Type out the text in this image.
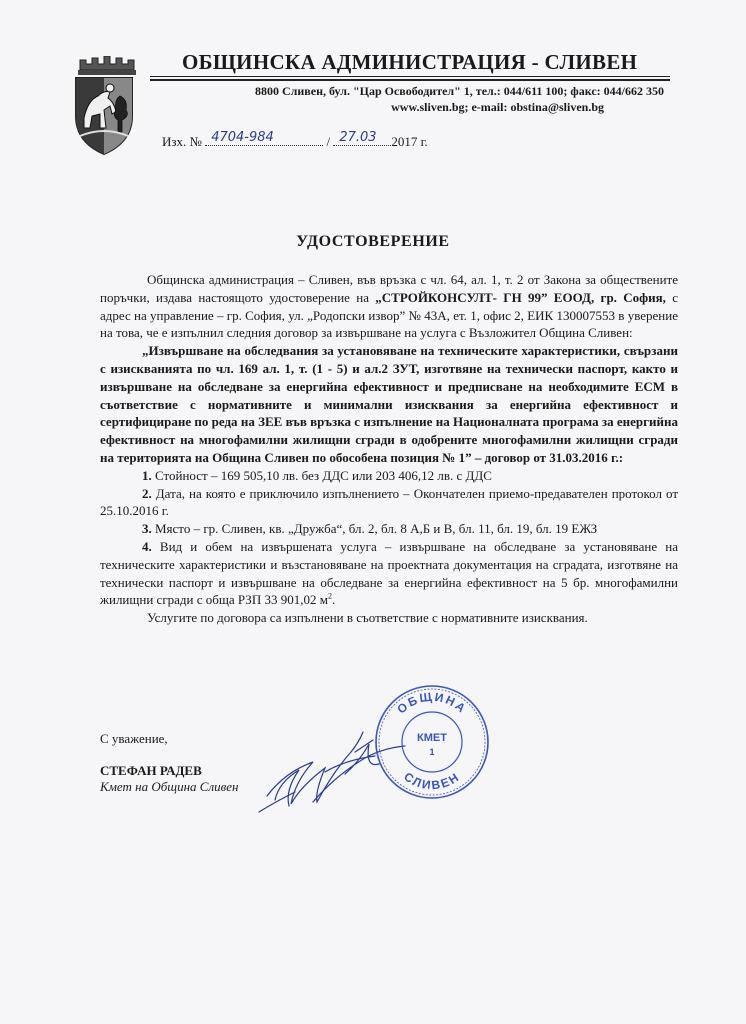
ОБЩИНСКА АДМИНИСТРАЦИЯ - СЛИВЕН
8800 Сливен, бул. "Цар Освободител" 1, тел.: 044/611 100; факс: 044/662 350
www.sliven.bg; e-mail: obstina@sliven.bg
Изх. №
4704-984
	/
27.03 2017 г.
УДОСТОВЕРЕНИЕ

Общинска администрация – Сливен, във връзка с чл. 64, ал. 1, т. 2 от Закона за обществените поръчки, издава настоящото удостоверение на „СТРОЙКОНСУЛТ- ГН 99” ЕООД, гр. София, с адрес на управление – гр. София, ул. „Родопски извор” № 43А, ет. 1, офис 2, ЕИК 130007553 в уверение на това, че е изпълнил следния договор за извършване на услуга с Възложител Община Сливен:

„Извършване на обследвания за установяване на техническите характеристики, свързани с изискванията по чл. 169 ал. 1, т. (1 - 5) и ал.2 ЗУТ, изготвяне на технически паспорт, както и извършване на обследване за енергийна ефективност и предписване на необходимите ЕСМ в съответствие с нормативните и минимални изисквания за енергийна ефективност и сертифициране по реда на ЗЕЕ във връзка с изпълнение на Националната програма за енергийна ефективност на многофамилни жилищни сгради в одобрените многофамилни жилищни сгради на територията на Община Сливен по обособена позиция № 1” – договор от 31.03.2016 г.:

1. Стойност – 169 505,10 лв. без ДДС или 203 406,12 лв. с ДДС

2. Дата, на която е приключило изпълнението – Окончателен приемо-предавателен протокол от 25.10.2016 г.

3. Място – гр. Сливен, кв. „Дружба“, бл. 2, бл. 8 А,Б и В, бл. 11, бл. 19, бл. 19 ЕЖЗ

4. Вид и обем на извършената услуга – извършване на обследване за установяване на техническите характеристики и възстановяване на проектната документация на сградата, изготвяне на технически паспорт и извършване на обследване за енергийна ефективност на 5 бр. многофамилни жилищни сгради с обща РЗП 33 901,02 $м^2$.

Услугите по договора са изпълнени в съответствие с нормативните изисквания.

С уважение,
СТЕФАН РАДЕВ
Кмет на Община Сливен
ОБЩИНА
СЛИВЕН
КМЕТ
1
